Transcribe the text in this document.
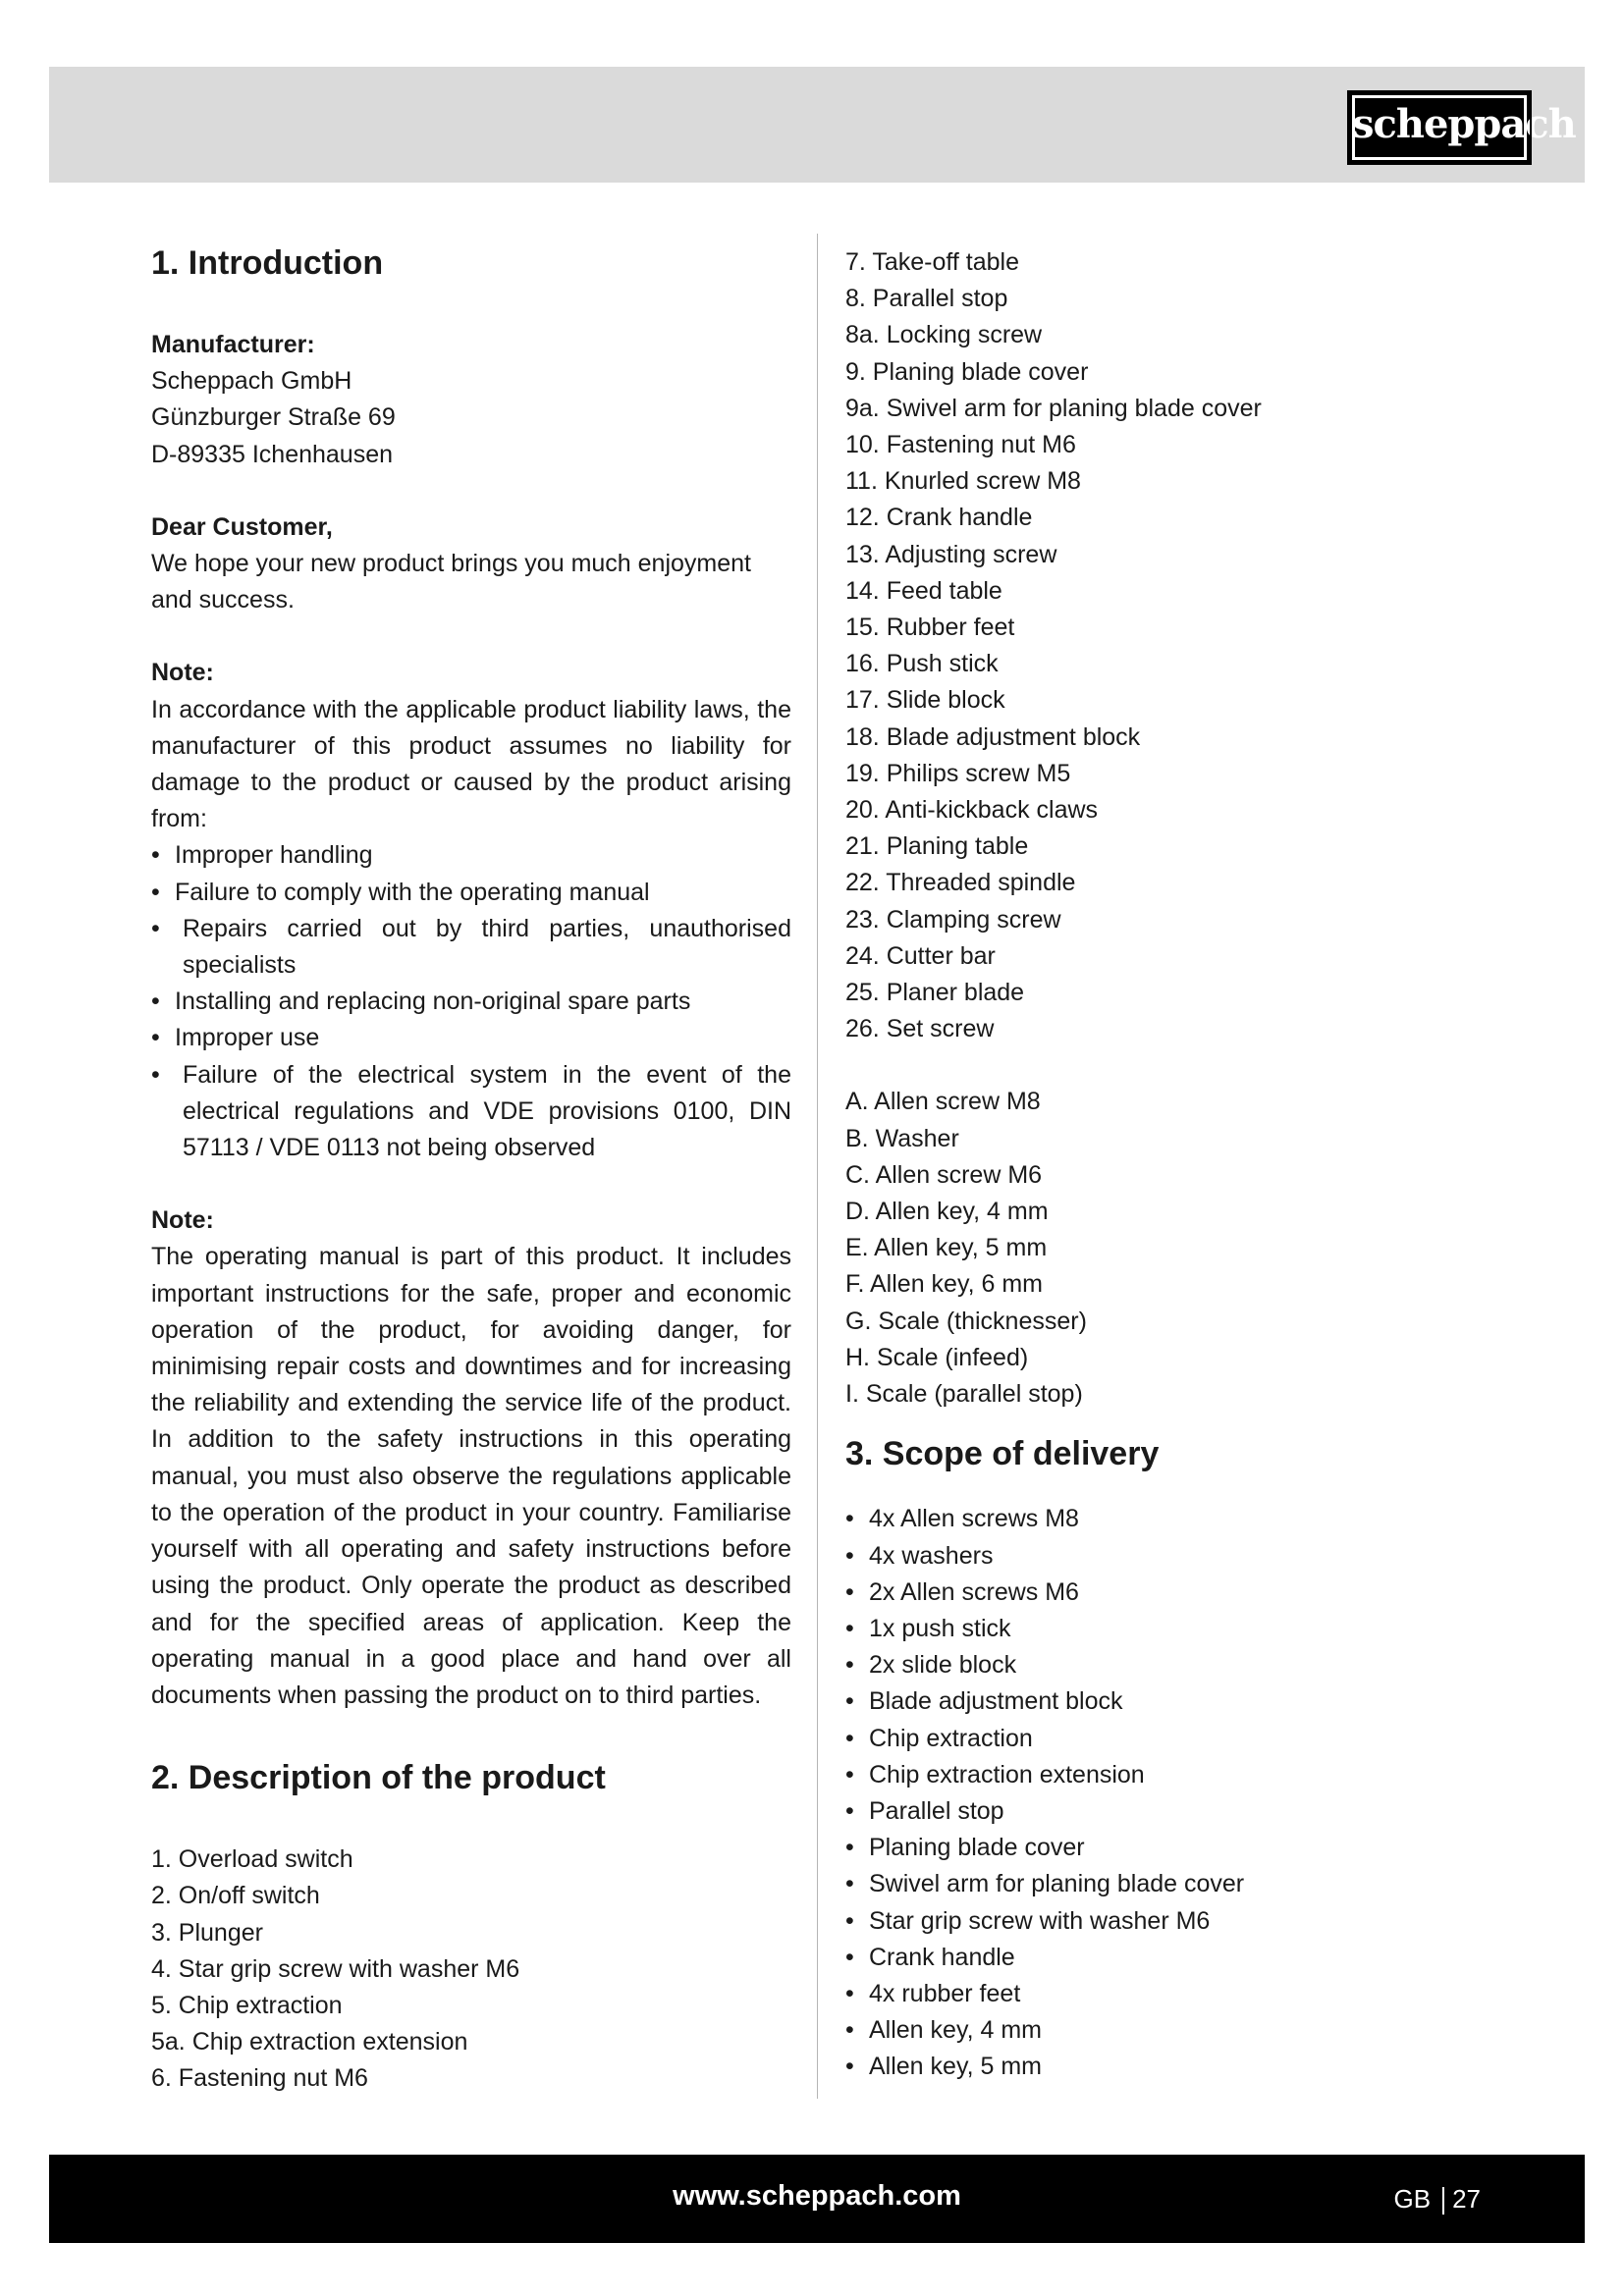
scheppach
1. Introduction

Manufacturer:

Scheppach GmbH

Günzburger Straße 69

D-89335 Ichenhausen

Dear Customer,

We hope your new product brings you much enjoyment and success.

Note:

In accordance with the applicable product liability laws, the manufacturer of this product assumes no liability for damage to the product or caused by the product arising from:

• Improper handling
• Failure to comply with the operating manual
• Repairs carried out by third parties, unauthorised specialists
• Installing and replacing non-original spare parts
• Improper use
• Failure of the electrical system in the event of the electrical regulations and VDE provisions 0100, DIN 57113 / VDE 0113 not being observed

Note:

The operating manual is part of this product. It includes important instructions for the safe, proper and economic operation of the product, for avoiding danger, for minimising repair costs and downtimes and for increasing the reliability and extending the service life of the product. In addition to the safety instructions in this operating manual, you must also observe the regulations applicable to the operation of the product in your country. Familiarise yourself with all operating and safety instructions before using the product. Only operate the product as described and for the specified areas of application. Keep the operating manual in a good place and hand over all documents when passing the product on to third parties.

2. Description of the product
1. Overload switch
2. On/off switch
3. Plunger
4. Star grip screw with washer M6
5. Chip extraction
5a. Chip extraction extension
6. Fastening nut M6
7. Take-off table
8. Parallel stop
8a. Locking screw
9. Planing blade cover
9a. Swivel arm for planing blade cover
10. Fastening nut M6
11. Knurled screw M8
12. Crank handle
13. Adjusting screw
14. Feed table
15. Rubber feet
16. Push stick
17. Slide block
18. Blade adjustment block
19. Philips screw M5
20. Anti-kickback claws
21. Planing table
22. Threaded spindle
23. Clamping screw
24. Cutter bar
25. Planer blade
26. Set screw
A. Allen screw M8
B. Washer
C. Allen screw M6
D. Allen key, 4 mm
E. Allen key, 5 mm
F. Allen key, 6 mm
G. Scale (thicknesser)
H. Scale (infeed)
I. Scale (parallel stop)
3. Scope of delivery
• 4x Allen screws M8
• 4x washers
• 2x Allen screws M6
• 1x push stick
• 2x slide block
• Blade adjustment block
• Chip extraction
• Chip extraction extension
• Parallel stop
• Planing blade cover
• Swivel arm for planing blade cover
• Star grip screw with washer M6
• Crank handle
• 4x rubber feet
• Allen key, 4 mm
• Allen key, 5 mm
www.scheppach.com	GB 27
